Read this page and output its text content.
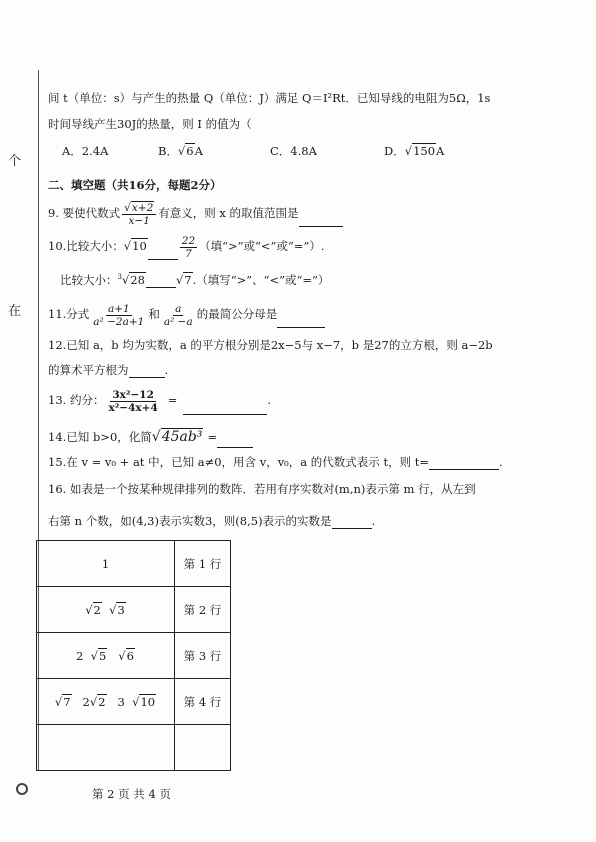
个
在
间 t（单位：s）与产生的热量 Q（单位：J）满足 Q＝I²Rt．已知导线的电阻为5Ω，1s
时间导线产生30J的热量，则 I 的值为（
A．2.4A	B．√6A	C．4.8A	D．√150A
二、填空题（共16分，每题2分）
9. 要使代数式 $\frac{√x+2}{x-1}$ 有意义，则 x 的取值范围是
10.比较大小：√10	$\frac{22}{7}$ （填“>”或“<”或“=”）.
比较大小：$^3$√28	√7.（填写“>”、“<”或“=”）
11.分式 $\frac{a+1}{\text{a² −2a+1}}$ 和 $\frac{a}{\text{a² −a}}$ 的最简公分母是
12.已知 a，b 均为实数，a 的平方根分别是2x−5与 x−7，b 是27的立方根，则 a−2b
的算术平方根为	.
13. 约分： $\frac{\text{3x²−12}}{\text{x²−4x+4}}$ =	.
14.已知 b>0，化简√45ab³ =
15.在 v = v₀ + at 中，已知 a≠0，用含 v，v₀，a 的代数式表示 t，则 t=	.
16. 如表是一个按某种规律排列的数阵．若用有序实数对(m,n)表示第 m 行，从左到
右第 n 个数，如(4,3)表示实数3，则(8,5)表示的实数是	.
1	第 1 行
√2 √3	第 2 行
2 √5 √6	第 3 行
√7 2√2 3 √10	第 4 行

第 2 页 共 4 页
